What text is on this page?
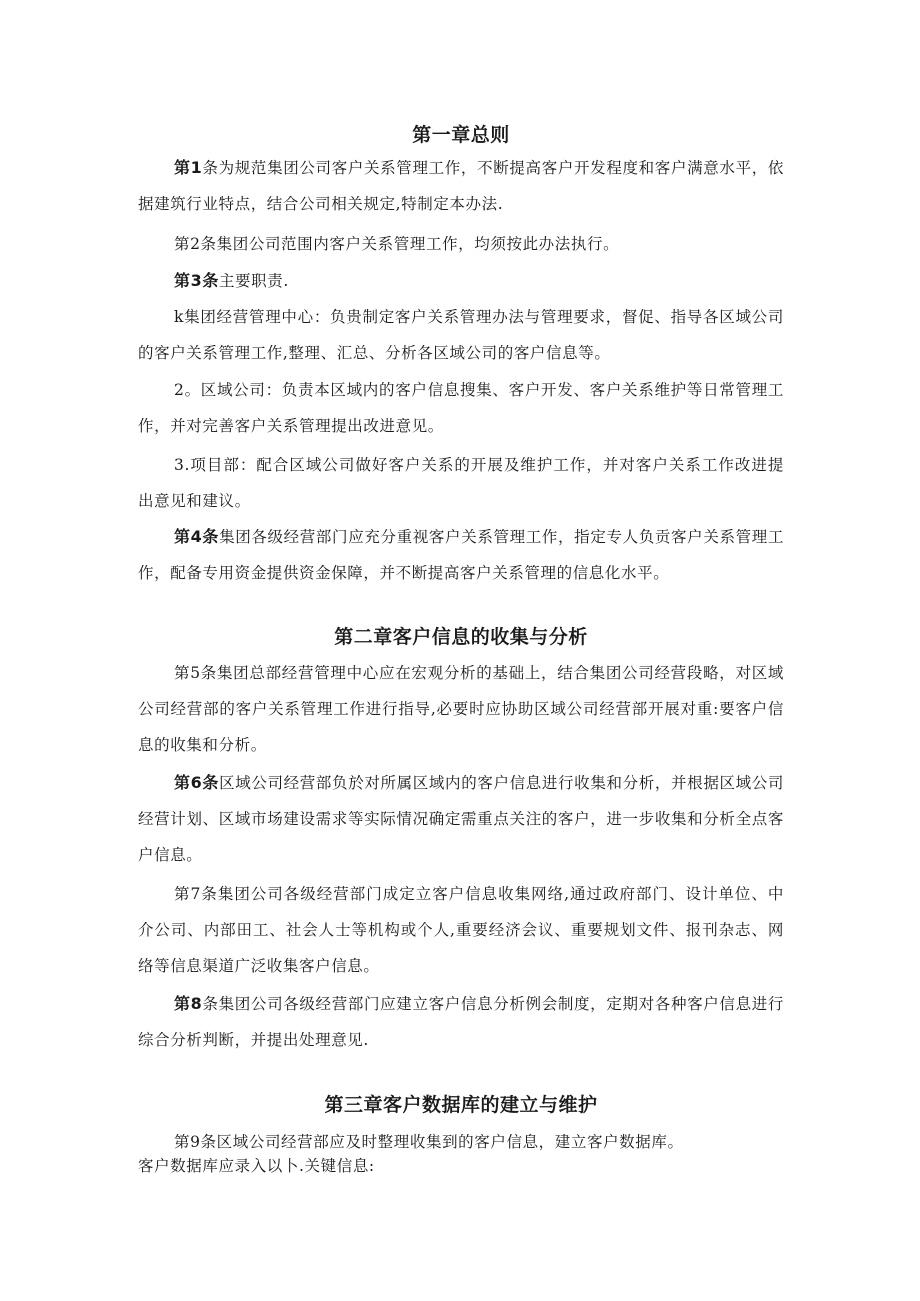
第一章总则

第1条为规范集团公司客户关系管理工作，不断提高客户开发程度和客户满意水平，依据建筑行业特点，结合公司相关规定,特制定本办法.

第2条集团公司范围内客户关系管理工作，均须按此办法执行。

第3条主要职责.

k集团经营管理中心：负贵制定客户关系管理办法与管理要求，督促、指导各区域公司的客户关系管理工作,整理、汇总、分析各区域公司的客户信息等。

2。区域公司：负责本区域内的客户信息搜集、客户开发、客户关系维护等日常管理工作，并对完善客户关系管理提出改进意见。

3.项目部：配合区域公司做好客户关系的开展及维护工作，并对客户关系工作改进提出意见和建议。

第4条集团各级经营部门应充分重视客户关系管理工作，指定专人负贡客户关系管理工作，配备专用资金提供资金保障，并不断提高客户关系管理的信息化水平。

第二章客户信息的收集与分析

第5条集团总部经营管理中心应在宏观分析的基础上，结合集团公司经营段略，对区域公司经营部的客户关系管理工作进行指导,必要时应协助区域公司经营部开展对重:要客户信息的收集和分析。

第6条区域公司经营部负於对所属区域内的客户信息进行收集和分析，并根据区域公司经营计划、区域市场建设需求等实际情况确定需重点关注的客户，进一步收集和分析全点客户信息。

第7条集团公司各级经营部门成定立客户信息收集网络,通过政府部门、设计单位、中介公司、内部田工、社会人士等机构或个人,重要经济会议、重要规划文件、报刊杂志、网络等信息渠道广泛收集客户信息。

第8条集团公司各级经营部门应建立客户信息分析例会制度，定期对各种客户信息进行综合分析判断，并提出处理意见.

第三章客户数据库的建立与维护

第9条区域公司经营部应及时整理收集到的客户信息，建立客户数据库。

客户数据库应录入以卜.关键信息:
